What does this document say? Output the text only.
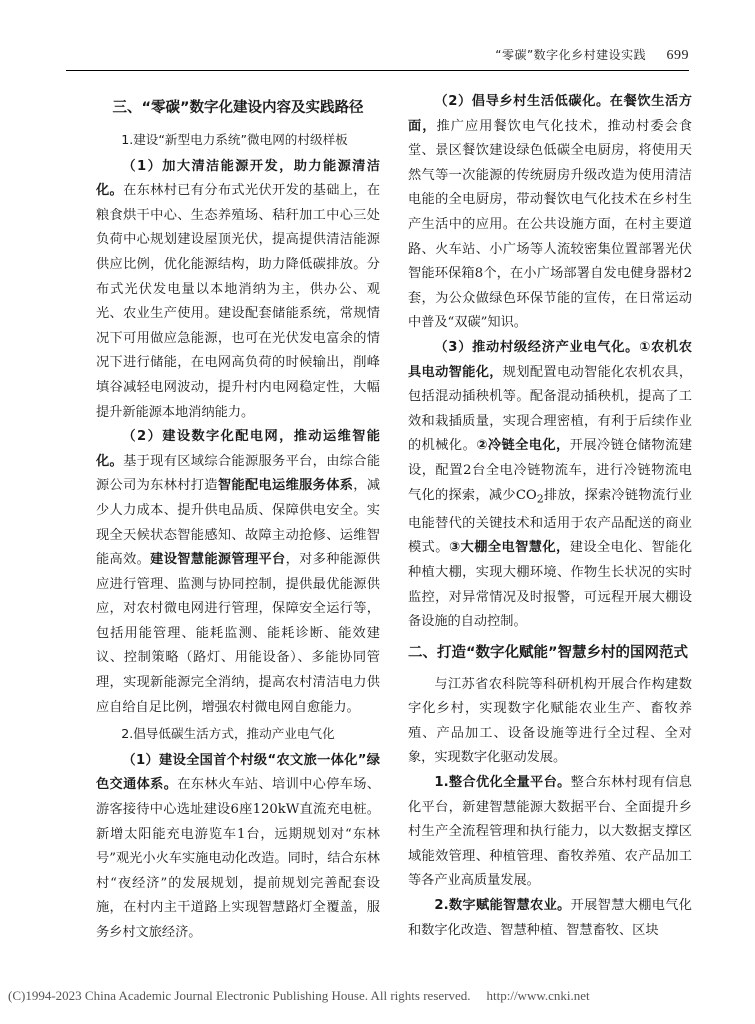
“零碳”数字化乡村建设实践 699
三、“零碳”数字化建设内容及实践路径

1.建设“新型电力系统”微电网的村级样板

（1）加大清洁能源开发，助力能源清洁化。在东林村已有分布式光伏开发的基础上，在粮食烘干中心、生态养殖场、秸秆加工中心三处负荷中心规划建设屋顶光伏，提高提供清洁能源供应比例，优化能源结构，助力降低碳排放。分布式光伏发电量以本地消纳为主，供办公、观光、农业生产使用。建设配套储能系统，常规情况下可用做应急能源，也可在光伏发电富余的情况下进行储能，在电网高负荷的时候输出，削峰填谷减轻电网波动，提升村内电网稳定性，大幅提升新能源本地消纳能力。

（2）建设数字化配电网，推动运维智能化。基于现有区域综合能源服务平台，由综合能源公司为东林村打造智能配电运维服务体系，减少人力成本、提升供电品质、保障供电安全。实现全天候状态智能感知、故障主动抢修、运维智能高效。建设智慧能源管理平台，对多种能源供应进行管理、监测与协同控制，提供最优能源供应，对农村微电网进行管理，保障安全运行等，包括用能管理、能耗监测、能耗诊断、能效建议、控制策略（路灯、用能设备）、多能协同管理，实现新能源完全消纳，提高农村清洁电力供应自给自足比例，增强农村微电网自愈能力。

2.倡导低碳生活方式，推动产业电气化

（1）建设全国首个村级“农文旅一体化”绿色交通体系。在东林火车站、培训中心停车场、游客接待中心选址建设6座120kW直流充电桩。新增太阳能充电游览车1台，远期规划对“东林号”观光小火车实施电动化改造。同时，结合东林村“夜经济”的发展规划，提前规划完善配套设施，在村内主干道路上实现智慧路灯全覆盖，服务乡村文旅经济。

（2）倡导乡村生活低碳化。在餐饮生活方面，推广应用餐饮电气化技术，推动村委会食堂、景区餐饮建设绿色低碳全电厨房，将使用天然气等一次能源的传统厨房升级改造为使用清洁电能的全电厨房，带动餐饮电气化技术在乡村生产生活中的应用。在公共设施方面，在村主要道路、火车站、小广场等人流较密集位置部署光伏智能环保箱8个，在小广场部署自发电健身器材2套，为公众做绿色环保节能的宣传，在日常运动中普及“双碳”知识。

（3）推动村级经济产业电气化。①农机农具电动智能化，规划配置电动智能化农机农具，包括混动插秧机等。配备混动插秧机，提高了工效和栽插质量，实现合理密植，有利于后续作业的机械化。②冷链全电化，开展冷链仓储物流建设，配置2台全电冷链物流车，进行冷链物流电气化的探索，减少$CO_2$排放，探索冷链物流行业电能替代的关键技术和适用于农产品配送的商业模式。③大棚全电智慧化，建设全电化、智能化种植大棚，实现大棚环境、作物生长状况的实时监控，对异常情况及时报警，可远程开展大棚设备设施的自动控制。

二、打造“数字化赋能”智慧乡村的国网范式

与江苏省农科院等科研机构开展合作构建数字化乡村，实现数字化赋能农业生产、畜牧养殖、产品加工、设备设施等进行全过程、全对象，实现数字化驱动发展。

1.整合优化全量平台。整合东林村现有信息化平台，新建智慧能源大数据平台、全面提升乡村生产全流程管理和执行能力，以大数据支撑区域能效管理、种植管理、畜牧养殖、农产品加工等各产业高质量发展。

2.数字赋能智慧农业。开展智慧大棚电气化和数字化改造、智慧种植、智慧畜牧、区块

(C)1994-2023 China Academic Journal Electronic Publishing House. All rights reserved. http://www.cnki.net
